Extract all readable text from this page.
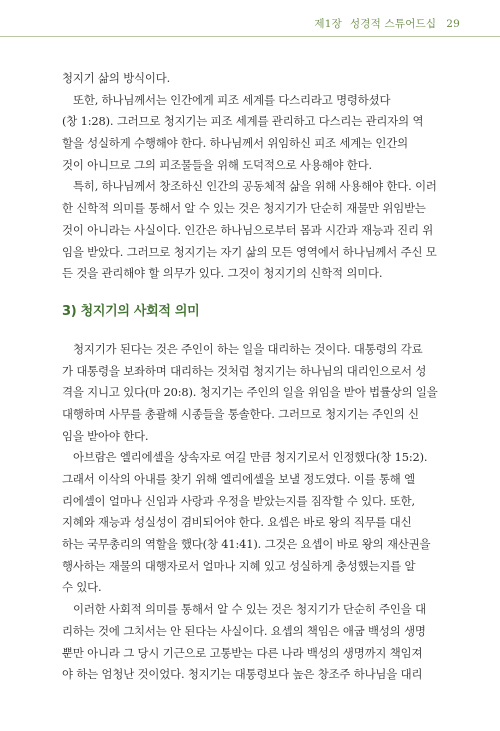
제1장 성경적 스튜어드십 29

청지기 삶의 방식이다.

또한, 하나님께서는 인간에게 피조 세계를 다스리라고 명령하셨다

(창 1:28). 그러므로 청지기는 피조 세계를 관리하고 다스리는 관리자의 역

할을 성실하게 수행해야 한다. 하나님께서 위임하신 피조 세계는 인간의

것이 아니므로 그의 피조물들을 위해 도덕적으로 사용해야 한다.

특히, 하나님께서 창조하신 인간의 공동체적 삶을 위해 사용해야 한다. 이러

한 신학적 의미를 통해서 알 수 있는 것은 청지기가 단순히 재물만 위임받는

것이 아니라는 사실이다. 인간은 하나님으로부터 몸과 시간과 재능과 진리 위

임을 받았다. 그러므로 청지기는 자기 삶의 모든 영역에서 하나님께서 주신 모

든 것을 관리해야 할 의무가 있다. 그것이 청지기의 신학적 의미다.

3) 청지기의 사회적 의미

청지기가 된다는 것은 주인이 하는 일을 대리하는 것이다. 대통령의 각료

가 대통령을 보좌하며 대리하는 것처럼 청지기는 하나님의 대리인으로서 성

격을 지니고 있다(마 20:8). 청지기는 주인의 일을 위임을 받아 법률상의 일을

대행하며 사무를 총괄해 시종들을 통솔한다. 그러므로 청지기는 주인의 신

임을 받아야 한다.

아브람은 엘리에셀을 상속자로 여길 만큼 청지기로서 인정했다(창 15:2).

그래서 이삭의 아내를 찾기 위해 엘리에셀을 보낼 정도였다. 이를 통해 엘

리에셀이 얼마나 신임과 사랑과 우정을 받았는지를 짐작할 수 있다. 또한,

지혜와 재능과 성실성이 겸비되어야 한다. 요셉은 바로 왕의 직무를 대신

하는 국무총리의 역할을 했다(창 41:41). 그것은 요셉이 바로 왕의 재산권을

행사하는 재물의 대행자로서 얼마나 지혜 있고 성실하게 충성했는지를 알

수 있다.

이러한 사회적 의미를 통해서 알 수 있는 것은 청지기가 단순히 주인을 대

리하는 것에 그치서는 안 된다는 사실이다. 요셉의 책임은 애굽 백성의 생명

뿐만 아니라 그 당시 기근으로 고통받는 다른 나라 백성의 생명까지 책임져

야 하는 엄청난 것이었다. 청지기는 대통령보다 높은 창조주 하나님을 대리
